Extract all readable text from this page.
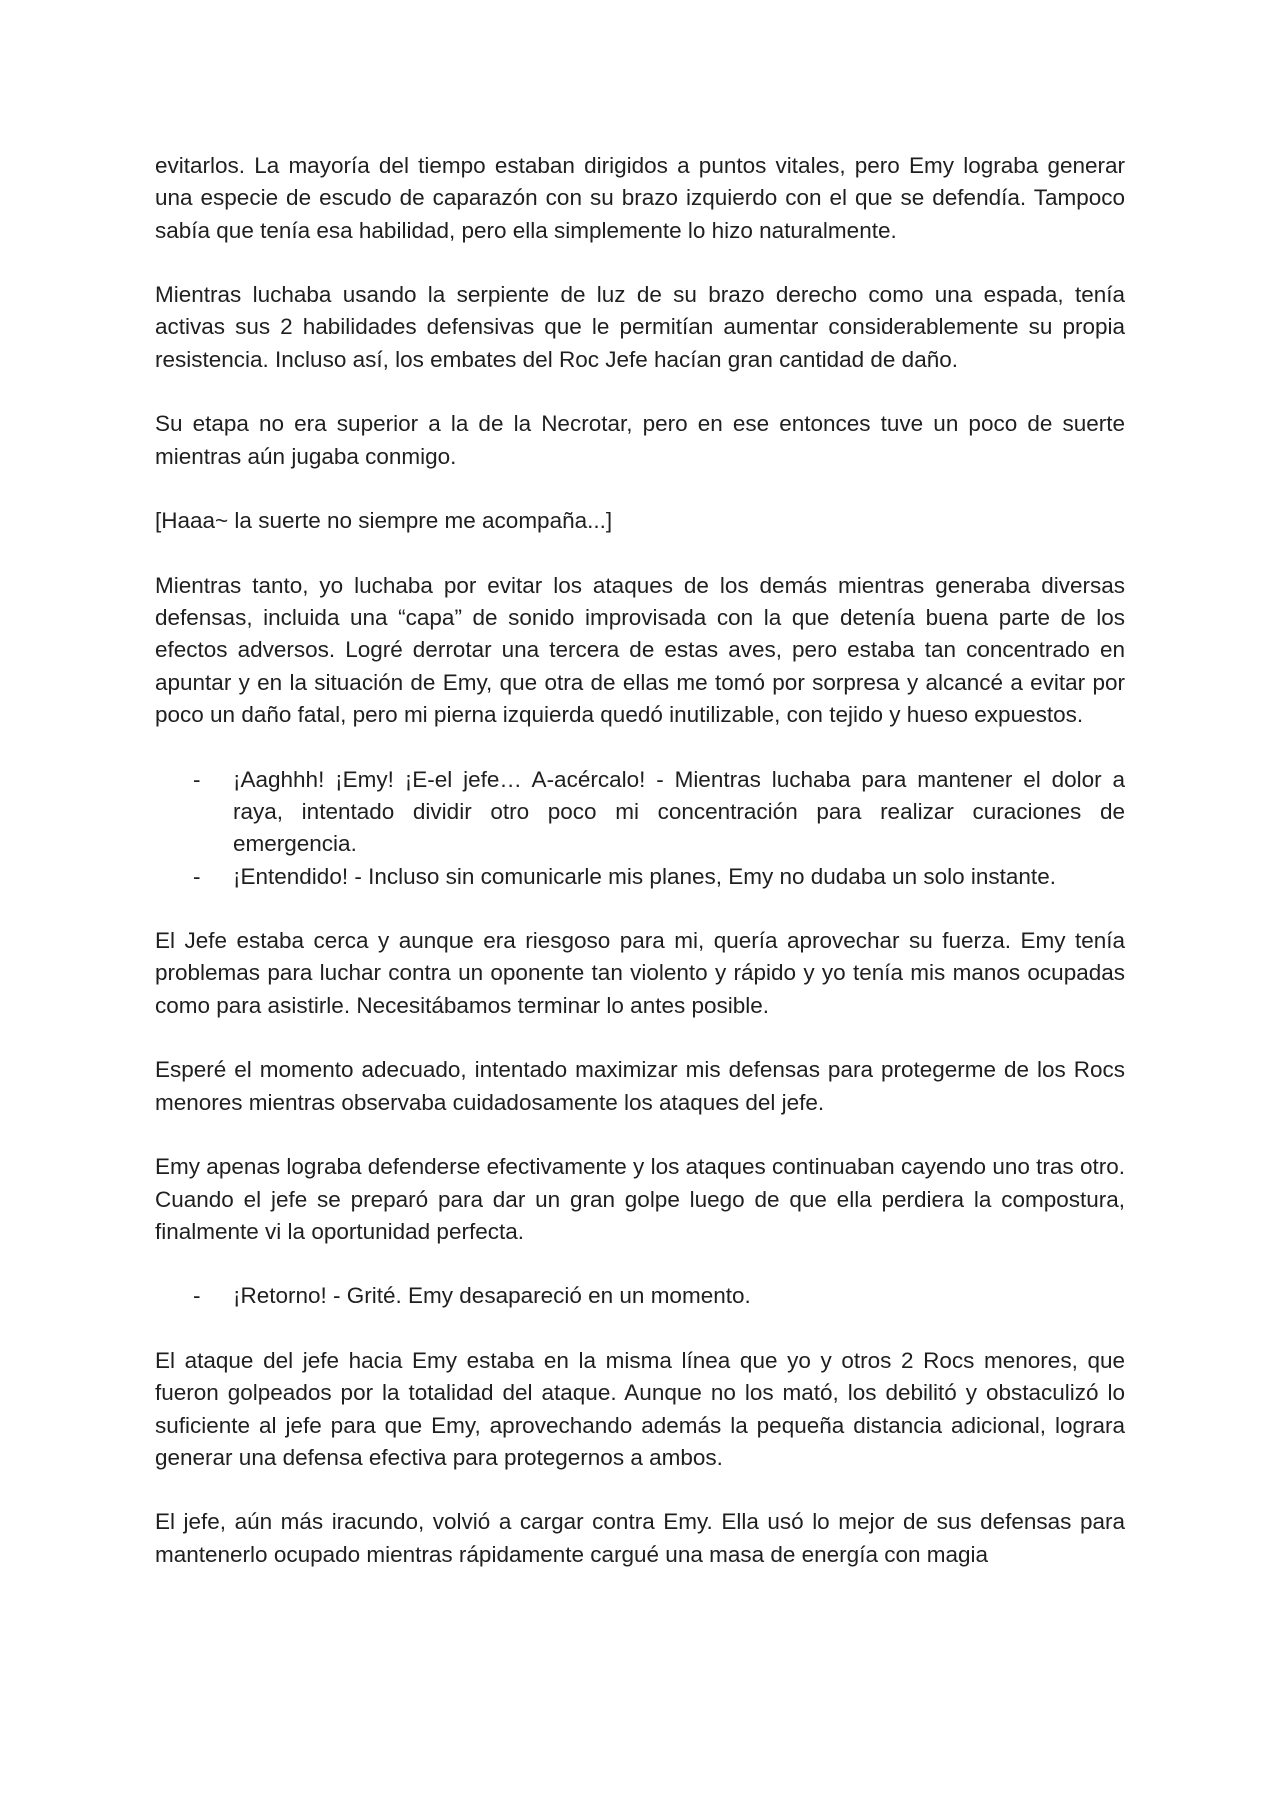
evitarlos. La mayoría del tiempo estaban dirigidos a puntos vitales, pero Emy lograba generar una especie de escudo de caparazón con su brazo izquierdo con el que se defendía. Tampoco sabía que tenía esa habilidad, pero ella simplemente lo hizo naturalmente.

Mientras luchaba usando la serpiente de luz de su brazo derecho como una espada, tenía activas sus 2 habilidades defensivas que le permitían aumentar considerablemente su propia resistencia. Incluso así, los embates del Roc Jefe hacían gran cantidad de daño.

Su etapa no era superior a la de la Necrotar, pero en ese entonces tuve un poco de suerte mientras aún jugaba conmigo.

[Haaa~ la suerte no siempre me acompaña...]

Mientras tanto, yo luchaba por evitar los ataques de los demás mientras generaba diversas defensas, incluida una “capa” de sonido improvisada con la que detenía buena parte de los efectos adversos. Logré derrotar una tercera de estas aves, pero estaba tan concentrado en apuntar y en la situación de Emy, que otra de ellas me tomó por sorpresa y alcancé a evitar por poco un daño fatal, pero mi pierna izquierda quedó inutilizable, con tejido y hueso expuestos.

- ¡Aaghhh! ¡Emy! ¡E-el jefe… A-acércalo! - Mientras luchaba para mantener el dolor a raya, intentado dividir otro poco mi concentración para realizar curaciones de emergencia.
- ¡Entendido! - Incluso sin comunicarle mis planes, Emy no dudaba un solo instante.

El Jefe estaba cerca y aunque era riesgoso para mi, quería aprovechar su fuerza. Emy tenía problemas para luchar contra un oponente tan violento y rápido y yo tenía mis manos ocupadas como para asistirle. Necesitábamos terminar lo antes posible.

Esperé el momento adecuado, intentado maximizar mis defensas para protegerme de los Rocs menores mientras observaba cuidadosamente los ataques del jefe.

Emy apenas lograba defenderse efectivamente y los ataques continuaban cayendo uno tras otro. Cuando el jefe se preparó para dar un gran golpe luego de que ella perdiera la compostura, finalmente vi la oportunidad perfecta.

- ¡Retorno! - Grité. Emy desapareció en un momento.

El ataque del jefe hacia Emy estaba en la misma línea que yo y otros 2 Rocs menores, que fueron golpeados por la totalidad del ataque. Aunque no los mató, los debilitó y obstaculizó lo suficiente al jefe para que Emy, aprovechando además la pequeña distancia adicional, lograra generar una defensa efectiva para protegernos a ambos.

El jefe, aún más iracundo, volvió a cargar contra Emy. Ella usó lo mejor de sus defensas para mantenerlo ocupado mientras rápidamente cargué una masa de energía con magia
